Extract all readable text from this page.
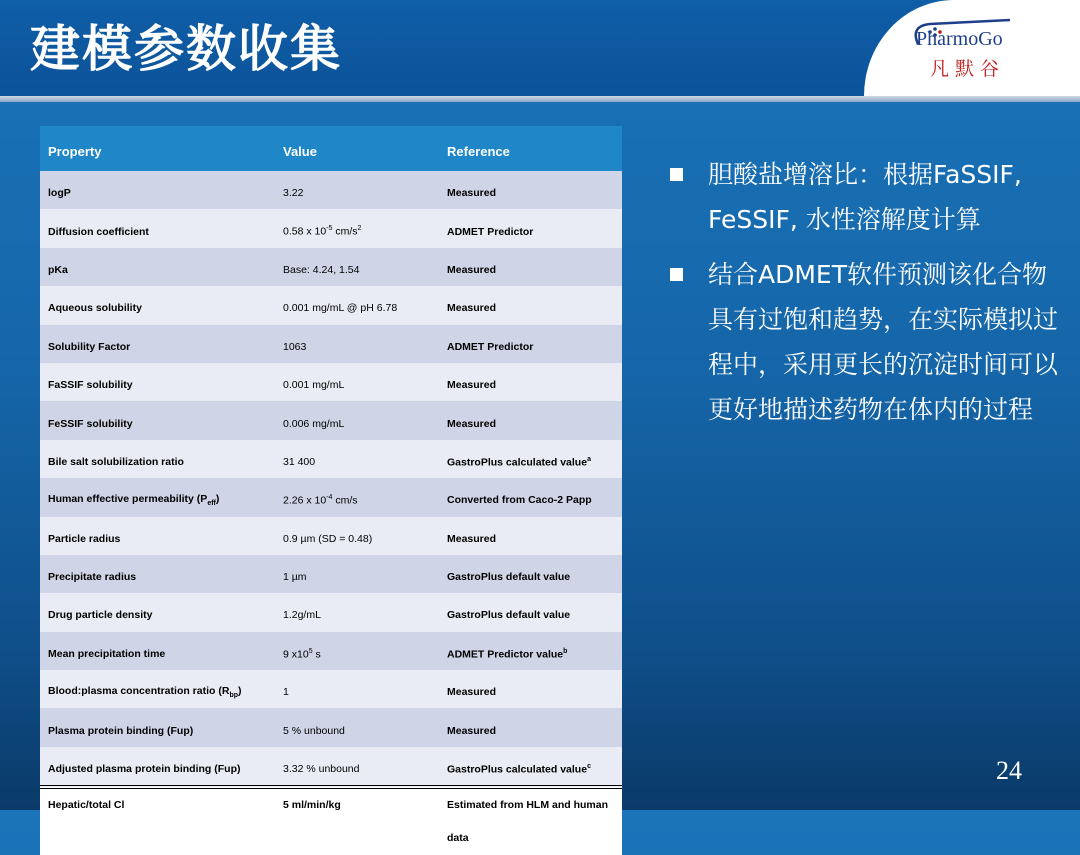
建模参数收集	PharmoGo
凡默谷
Property	Value	Reference
logP	3.22	Measured
Diffusion coefficient	0.58 x $10^{-5}$ $cm/s^2$	ADMET Predictor
pKa	Base: 4.24, 1.54	Measured
Aqueous solubility	0.001 mg/mL @ pH 6.78	Measured
Solubility Factor	1063	ADMET Predictor
FaSSIF solubility	0.001 mg/mL	Measured
FeSSIF solubility	0.006 mg/mL	Measured
Bile salt solubilization ratio	31 400	GastroPlus calculated value$^a$
Human effective permeability $(P_{eff})$	2.26 x $10^{-4}$ cm/s	Converted from Caco-2 Papp
Particle radius	0.9 µm (SD = 0.48)	Measured
Precipitate radius	1 µm	GastroPlus default value
Drug particle density	1.2g/mL	GastroPlus default value
Mean precipitation time	9 $x10^5$ s	ADMET Predictor value$^b$
Blood:plasma concentration ratio $(R_{bp})$	1	Measured
Plasma protein binding (Fup)	5 % unbound	Measured
Adjusted plasma protein binding (Fup)	3.32 % unbound	GastroPlus calculated value$^c$
Hepatic/total Cl	5 ml/min/kg	Estimated from HLM and human data
胆酸盐增溶比：根据FaSSIF, FeSSIF, 水性溶解度计算
结合ADMET软件预测该化合物具有过饱和趋势，在实际模拟过程中，采用更长的沉淀时间可以更好地描述药物在体内的过程
24
